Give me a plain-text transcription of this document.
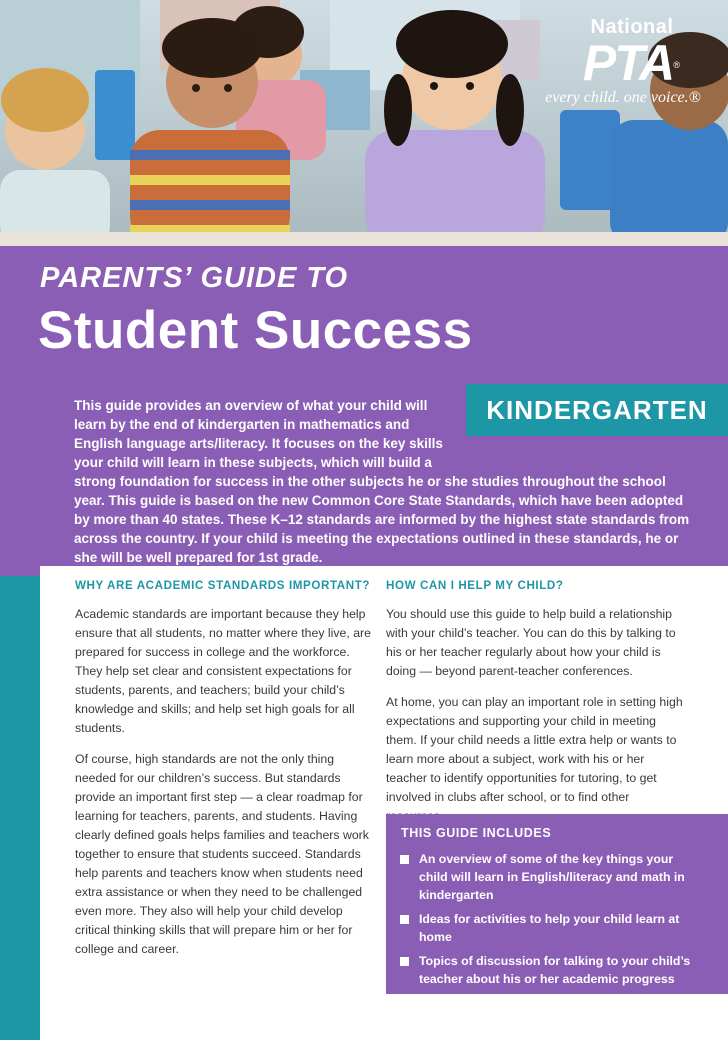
National
PTA ®
every child. one voice.®
PARENTS’ GUIDE TO
Student Success
KINDERGARTEN

This guide provides an overview of what your child will learn by the end of kindergarten in mathematics and English language arts/literacy. It focuses on the key skills your child will learn in these subjects, which will build a strong foundation for success in the other subjects he or she studies throughout the school year. This guide is based on the new Common Core State Standards, which have been adopted by more than 40 states. These K–12 standards are informed by the highest state standards from across the country. If your child is meeting the expectations outlined in these standards, he or she will be well prepared for 1st grade.

WHY ARE ACADEMIC STANDARDS IMPORTANT?

Academic standards are important because they help ensure that all students, no matter where they live, are prepared for success in college and the workforce. They help set clear and consistent expectations for students, parents, and teachers; build your child’s knowledge and skills; and help set high goals for all students.

Of course, high standards are not the only thing needed for our children’s success. But standards provide an important first step — a clear roadmap for learning for teachers, parents, and students. Having clearly defined goals helps families and teachers work together to ensure that students succeed. Standards help parents and teachers know when students need extra assistance or when they need to be challenged even more. They also will help your child develop critical thinking skills that will prepare him or her for college and career.

HOW CAN I HELP MY CHILD?

You should use this guide to help build a relationship with your child’s teacher. You can do this by talking to his or her teacher regularly about how your child is doing — beyond parent-teacher conferences.

At home, you can play an important role in setting high expectations and supporting your child in meeting them. If your child needs a little extra help or wants to learn more about a subject, work with his or her teacher to identify opportunities for tutoring, to get involved in clubs after school, or to find other

THIS GUIDE INCLUDES
An overview of some of the key things your child will learn in English/literacy and math in kindergarten
Ideas for activities to help your child learn at home
Topics of discussion for talking to your child’s teacher about his or her academic progress
